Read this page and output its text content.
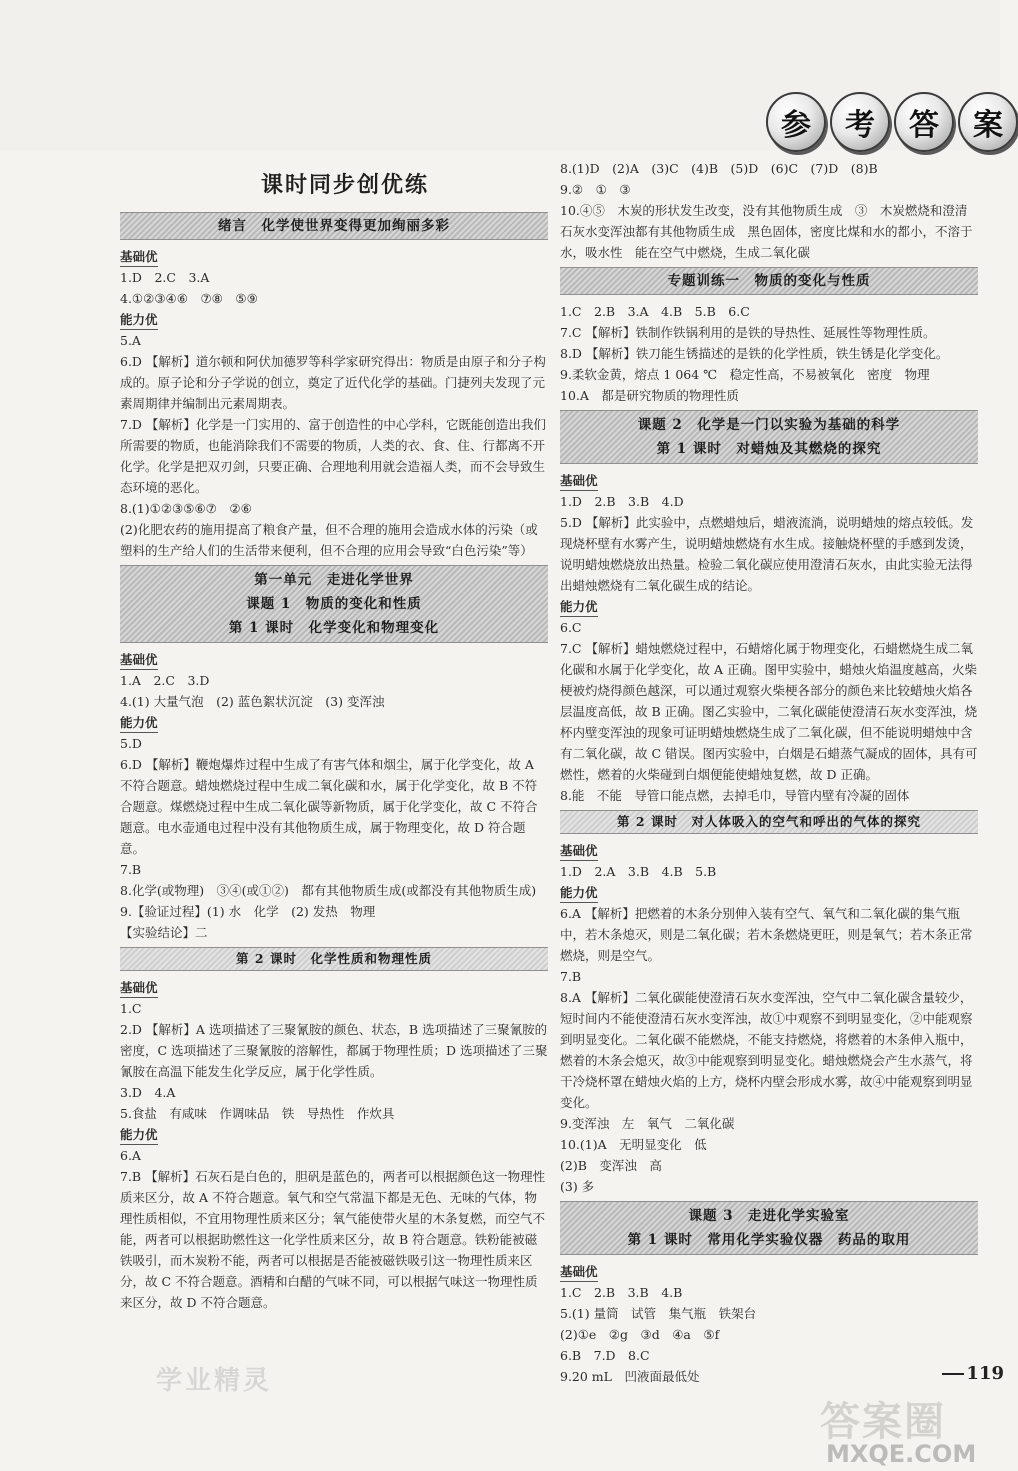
参	考	答	案
课时同步创优练
绪言　化学使世界变得更加绚丽多彩
基础优

1.D　2.C　3.A

4.①②③④⑥　⑦⑧　⑤⑨

能力优

5.A

6.D 【解析】道尔顿和阿伏加德罗等科学家研究得出：物质是由原子和分子构成的。原子论和分子学说的创立，奠定了近代化学的基础。门捷列夫发现了元素周期律并编制出元素周期表。

7.D 【解析】化学是一门实用的、富于创造性的中心学科，它既能创造出我们所需要的物质，也能消除我们不需要的物质，人类的衣、食、住、行都离不开化学。化学是把双刃剑，只要正确、合理地利用就会造福人类，而不会导致生态环境的恶化。

8.(1)①②③⑤⑥⑦　②⑥

(2)化肥农药的施用提高了粮食产量，但不合理的施用会造成水体的污染（或塑料的生产给人们的生活带来便利，但不合理的应用会导致“白色污染”等）

第一单元　走进化学世界
课题 1　物质的变化和性质
第 1 课时　化学变化和物理变化
基础优

1.A　2.C　3.D

4.(1) 大量气泡　(2) 蓝色絮状沉淀　(3) 变浑浊

能力优

5.D

6.D 【解析】鞭炮爆炸过程中生成了有害气体和烟尘，属于化学变化，故 A 不符合题意。蜡烛燃烧过程中生成二氧化碳和水，属于化学变化，故 B 不符合题意。煤燃烧过程中生成二氧化碳等新物质，属于化学变化，故 C 不符合题意。电水壶通电过程中没有其他物质生成，属于物理变化，故 D 符合题意。

7.B

8.化学(或物理)　③④(或①②)　都有其他物质生成(或都没有其他物质生成)

9.【验证过程】(1) 水　化学　(2) 发热　物理

【实验结论】二

第 2 课时　化学性质和物理性质
基础优

1.C

2.D 【解析】A 选项描述了三聚氰胺的颜色、状态，B 选项描述了三聚氰胺的密度，C 选项描述了三聚氰胺的溶解性，都属于物理性质；D 选项描述了三聚氰胺在高温下能发生化学反应，属于化学性质。

3.D　4.A

5.食盐　有咸味　作调味品　铁　导热性　作炊具

能力优

6.A

7.B 【解析】石灰石是白色的，胆矾是蓝色的，两者可以根据颜色这一物理性质来区分，故 A 不符合题意。氧气和空气常温下都是无色、无味的气体，物理性质相似，不宜用物理性质来区分；氧气能使带火星的木条复燃，而空气不能，两者可以根据助燃性这一化学性质来区分，故 B 符合题意。铁粉能被磁铁吸引，而木炭粉不能，两者可以根据是否能被磁铁吸引这一物理性质来区分，故 C 不符合题意。酒精和白醋的气味不同，可以根据气味这一物理性质来区分，故 D 不符合题意。

8.(1)D　(2)A　(3)C　(4)B　(5)D　(6)C　(7)D　(8)B

9.②　①　③

10.④⑤　木炭的形状发生改变，没有其他物质生成　③　木炭燃烧和澄清石灰水变浑浊都有其他物质生成　黑色固体，密度比煤和水的都小，不溶于水，吸水性　能在空气中燃烧，生成二氧化碳

专题训练一　物质的变化与性质

1.C　2.B　3.A　4.B　5.B　6.C

7.C 【解析】铁制作铁锅利用的是铁的导热性、延展性等物理性质。

8.D 【解析】铁刀能生锈描述的是铁的化学性质，铁生锈是化学变化。

9.柔软金黄，熔点 1 064 ℃　稳定性高，不易被氧化　密度　物理

10.A　都是研究物质的物理性质

课题 2　化学是一门以实验为基础的科学
第 1 课时　对蜡烛及其燃烧的探究
基础优

1.D　2.B　3.B　4.D

5.D 【解析】此实验中，点燃蜡烛后，蜡液流淌，说明蜡烛的熔点较低。发现烧杯壁有水雾产生，说明蜡烛燃烧有水生成。接触烧杯壁的手感到发烫，说明蜡烛燃烧放出热量。检验二氧化碳应使用澄清石灰水，由此实验无法得出蜡烛燃烧有二氧化碳生成的结论。

能力优

6.C

7.C 【解析】蜡烛燃烧过程中，石蜡熔化属于物理变化，石蜡燃烧生成二氧化碳和水属于化学变化，故 A 正确。图甲实验中，蜡烛火焰温度越高，火柴梗被灼烧得颜色越深，可以通过观察火柴梗各部分的颜色来比较蜡烛火焰各层温度高低，故 B 正确。图乙实验中，二氧化碳能使澄清石灰水变浑浊，烧杯内壁变浑浊的现象可证明蜡烛燃烧生成了二氧化碳，但不能说明蜡烛中含有二氧化碳，故 C 错误。图丙实验中，白烟是石蜡蒸气凝成的固体，具有可燃性，燃着的火柴碰到白烟便能使蜡烛复燃，故 D 正确。

8.能　不能　导管口能点燃，去掉毛巾，导管内壁有冷凝的固体

第 2 课时　对人体吸入的空气和呼出的气体的探究
基础优

1.D　2.A　3.B　4.B　5.B

能力优

6.A 【解析】把燃着的木条分别伸入装有空气、氧气和二氧化碳的集气瓶中，若木条熄灭，则是二氧化碳；若木条燃烧更旺，则是氧气；若木条正常燃烧，则是空气。

7.B

8.A 【解析】二氧化碳能使澄清石灰水变浑浊，空气中二氧化碳含量较少，短时间内不能使澄清石灰水变浑浊，故①中观察不到明显变化，②中能观察到明显变化。二氧化碳不能燃烧，不能支持燃烧，将燃着的木条伸入瓶中，燃着的木条会熄灭，故③中能观察到明显变化。蜡烛燃烧会产生水蒸气，将干冷烧杯罩在蜡烛火焰的上方，烧杯内壁会形成水雾，故④中能观察到明显变化。

9.变浑浊　左　氧气　二氧化碳

10.(1)A　无明显变化　低

(2)B　变浑浊　高

(3) 多

课题 3　走进化学实验室
第 1 课时　常用化学实验仪器　药品的取用
基础优

1.C　2.B　3.B　4.B

5.(1) 量筒　试管　集气瓶　铁架台

(2)①e　②g　③d　④a　⑤f

6.B　7.D　8.C

9.20 mL　凹液面最低处	119
学业精灵
答案圈
MXQE.COM
